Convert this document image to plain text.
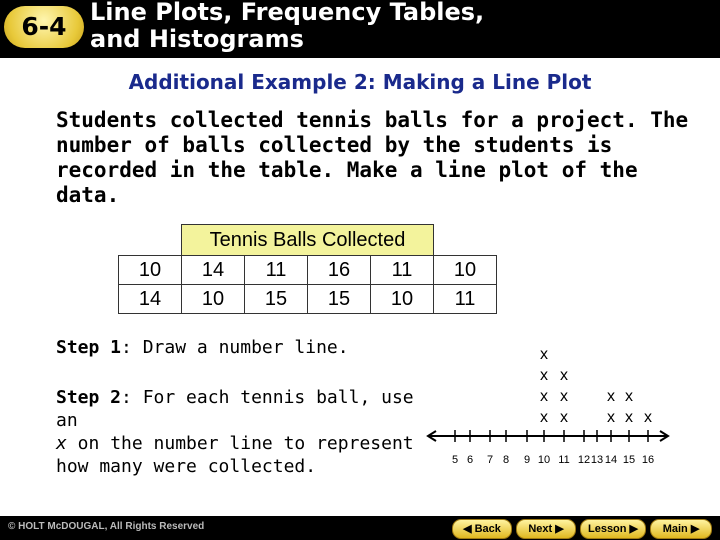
6-4 Line Plots, Frequency Tables,
and Histograms
Additional Example 2: Making a Line Plot
Students collected tennis balls for a project. The number of balls collected by the students is recorded in the table. Make a line plot of the data.
	Tennis Balls Collected				
10	14	11	16	11	10
14	10	15	15	10	11
Step 1: Draw a number line.
Step 2: For each tennis ball, use an
x on the number line to represent how many were collected.	5 6 7 8 9 10 11 12 13 14 15 16
x
x
x
x
x
x
x
x
x
x
x
x
© HOLT McDOUGAL, All Rights Reserved	◀ Back	Next ▶	Lesson ▶	Main ▶
